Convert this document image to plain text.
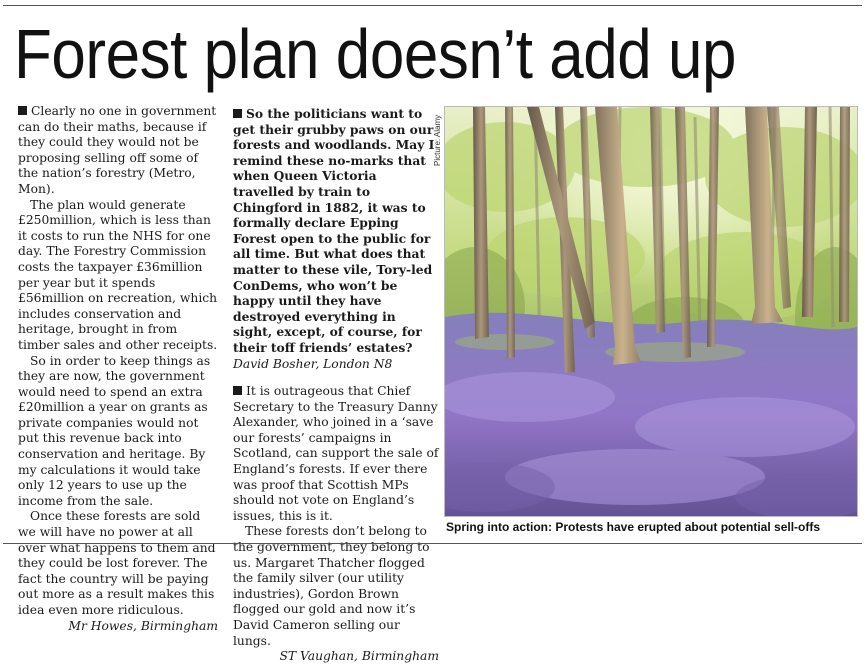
Forest plan doesn’t add up

Clearly no one in government can do their maths, because if they could they would not be proposing selling off some of the nation’s forestry (Metro, Mon).

The plan would generate £250million, which is less than it costs to run the NHS for one day. The Forestry Commission costs the taxpayer £36million per year but it spends £56million on recreation, which includes conservation and heritage, brought in from timber sales and other receipts.

So in order to keep things as they are now, the government would need to spend an extra £20million a year on grants as private companies would not put this revenue back into conservation and heritage. By my calculations it would take only 12 years to use up the income from the sale.

Once these forests are sold we will have no power at all over what happens to them and they could be lost forever. The fact the country will be paying out more as a result makes this idea even more ridiculous.

Mr Howes, Birmingham

So the politicians want to get their grubby paws on our forests and woodlands. May I remind these no-marks that when Queen Victoria travelled by train to Chingford in 1882, it was to formally declare Epping Forest open to the public for all time. But what does that matter to these vile, Tory-led ConDems, who won’t be happy until they have destroyed everything in sight, except, of course, for their toff friends’ estates?   David Bosher, London N8

It is outrageous that Chief Secretary to the Treasury Danny Alexander, who joined in a ‘save our forests’ campaigns in Scotland, can support the sale of England’s forests. If ever there was proof that Scottish MPs should not vote on England’s issues, this is it.

These forests don’t belong to the government, they belong to us. Margaret Thatcher flogged the family silver (our utility industries), Gordon Brown flogged our gold and now it’s David Cameron selling our lungs.

ST Vaughan, Birmingham
Picture: Alamy
Spring into action: Protests have erupted about potential sell-offs
